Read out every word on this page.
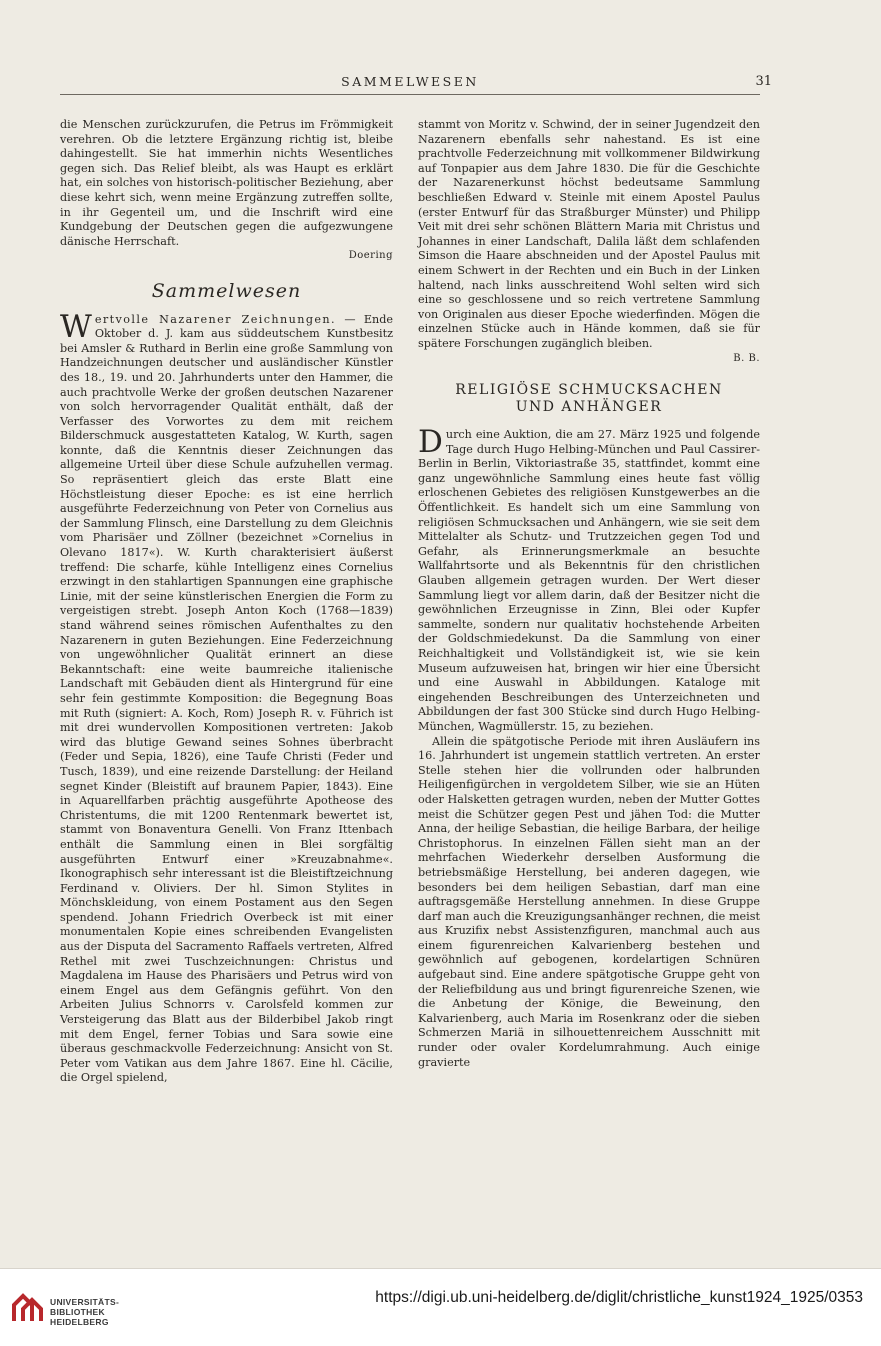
SAMMELWESEN	31

die Menschen zurückzurufen, die Petrus im Frömmigkeit verehren. Ob die letztere Ergänzung richtig ist, bleibe dahingestellt. Sie hat immerhin nichts Wesentliches gegen sich. Das Relief bleibt, als was Haupt es erklärt hat, ein solches von historisch-politischer Beziehung, aber diese kehrt sich, wenn meine Ergänzung zutreffen sollte, in ihr Gegenteil um, und die Inschrift wird eine Kundgebung der Deutschen gegen die aufgezwungene dänische Herrschaft.

Doering

Sammelwesen

Wertvolle Nazarener Zeichnungen. — Ende Oktober d. J. kam aus süddeutschem Kunstbesitz bei Amsler & Ruthard in Berlin eine große Sammlung von Handzeichnungen deutscher und ausländischer Künstler des 18., 19. und 20. Jahrhunderts unter den Hammer, die auch prachtvolle Werke der großen deutschen Nazarener von solch hervorragender Qualität enthält, daß der Verfasser des Vorwortes zu dem mit reichem Bilderschmuck ausgestatteten Katalog, W. Kurth, sagen konnte, daß die Kenntnis dieser Zeichnungen das allgemeine Urteil über diese Schule aufzuhellen vermag. So repräsentiert gleich das erste Blatt eine Höchstleistung dieser Epoche: es ist eine herrlich ausgeführte Federzeichnung von Peter von Cornelius aus der Sammlung Flinsch, eine Darstellung zu dem Gleichnis vom Pharisäer und Zöllner (bezeichnet »Cornelius in Olevano 1817«). W. Kurth charakterisiert äußerst treffend: Die scharfe, kühle Intelligenz eines Cornelius erzwingt in den stahlartigen Spannungen eine graphische Linie, mit der seine künstlerischen Energien die Form zu vergeistigen strebt. Joseph Anton Koch (1768—1839) stand während seines römischen Aufenthaltes zu den Nazarenern in guten Beziehungen. Eine Federzeichnung von ungewöhnlicher Qualität erinnert an diese Bekanntschaft: eine weite baumreiche italienische Landschaft mit Gebäuden dient als Hintergrund für eine sehr fein gestimmte Komposition: die Begegnung Boas mit Ruth (signiert: A. Koch, Rom) Joseph R. v. Führich ist mit drei wundervollen Kompositionen vertreten: Jakob wird das blutige Gewand seines Sohnes überbracht (Feder und Sepia, 1826), eine Taufe Christi (Feder und Tusch, 1839), und eine reizende Darstellung: der Heiland segnet Kinder (Bleistift auf braunem Papier, 1843). Eine in Aquarellfarben prächtig ausgeführte Apotheose des Christentums, die mit 1200 Rentenmark bewertet ist, stammt von Bonaventura Genelli. Von Franz Ittenbach enthält die Sammlung einen in Blei sorgfältig ausgeführten Entwurf einer »Kreuzabnahme«. Ikonographisch sehr interessant ist die Bleistiftzeichnung Ferdinand v. Oliviers. Der hl. Simon Stylites in Mönchskleidung, von einem Postament aus den Segen spendend. Johann Friedrich Overbeck ist mit einer monumentalen Kopie eines schreibenden Evangelisten aus der Disputa del Sacramento Raffaels vertreten, Alfred Rethel mit zwei Tuschzeichnungen: Christus und Magdalena im Hause des Pharisäers und Petrus wird von einem Engel aus dem Gefängnis geführt. Von den Arbeiten Julius Schnorrs v. Carolsfeld kommen zur Versteigerung das Blatt aus der Bilderbibel Jakob ringt mit dem Engel, ferner Tobias und Sara sowie eine überaus geschmackvolle Federzeichnung: Ansicht von St. Peter vom Vatikan aus dem Jahre 1867. Eine hl. Cäcilie, die Orgel spielend,

stammt von Moritz v. Schwind, der in seiner Jugendzeit den Nazarenern ebenfalls sehr nahestand. Es ist eine prachtvolle Federzeichnung mit vollkommener Bildwirkung auf Tonpapier aus dem Jahre 1830. Die für die Geschichte der Nazarenerkunst höchst bedeutsame Sammlung beschließen Edward v. Steinle mit einem Apostel Paulus (erster Entwurf für das Straßburger Münster) und Philipp Veit mit drei sehr schönen Blättern Maria mit Christus und Johannes in einer Landschaft, Dalila läßt dem schlafenden Simson die Haare abschneiden und der Apostel Paulus mit einem Schwert in der Rechten und ein Buch in der Linken haltend, nach links ausschreitend Wohl selten wird sich eine so geschlossene und so reich vertretene Sammlung von Originalen aus dieser Epoche wiederfinden. Mögen die einzelnen Stücke auch in Hände kommen, daß sie für spätere Forschungen zugänglich bleiben.

B. B.

RELIGIÖSE SCHMUCKSACHEN UND ANHÄNGER

Durch eine Auktion, die am 27. März 1925 und folgende Tage durch Hugo Helbing-München und Paul Cassirer-Berlin in Berlin, Viktoriastraße 35, stattfindet, kommt eine ganz ungewöhnliche Sammlung eines heute fast völlig erloschenen Gebietes des religiösen Kunstgewerbes an die Öffentlichkeit. Es handelt sich um eine Sammlung von religiösen Schmucksachen und Anhängern, wie sie seit dem Mittelalter als Schutz- und Trutzzeichen gegen Tod und Gefahr, als Erinnerungsmerkmale an besuchte Wallfahrtsorte und als Bekenntnis für den christlichen Glauben allgemein getragen wurden. Der Wert dieser Sammlung liegt vor allem darin, daß der Besitzer nicht die gewöhnlichen Erzeugnisse in Zinn, Blei oder Kupfer sammelte, sondern nur qualitativ hochstehende Arbeiten der Goldschmiedekunst. Da die Sammlung von einer Reichhaltigkeit und Vollständigkeit ist, wie sie kein Museum aufzuweisen hat, bringen wir hier eine Übersicht und eine Auswahl in Abbildungen. Kataloge mit eingehenden Beschreibungen des Unterzeichneten und Abbildungen der fast 300 Stücke sind durch Hugo Helbing-München, Wagmüllerstr. 15, zu beziehen.

Allein die spätgotische Periode mit ihren Ausläufern ins 16. Jahrhundert ist ungemein stattlich vertreten. An erster Stelle stehen hier die vollrunden oder halbrunden Heiligenfigürchen in vergoldetem Silber, wie sie an Hüten oder Halsketten getragen wurden, neben der Mutter Gottes meist die Schützer gegen Pest und jähen Tod: die Mutter Anna, der heilige Sebastian, die heilige Barbara, der heilige Christophorus. In einzelnen Fällen sieht man an der mehrfachen Wiederkehr derselben Ausformung die betriebsmäßige Herstellung, bei anderen dagegen, wie besonders bei dem heiligen Sebastian, darf man eine auftragsgemäße Herstellung annehmen. In diese Gruppe darf man auch die Kreuzigungsanhänger rechnen, die meist aus Kruzifix nebst Assistenzfiguren, manchmal auch aus einem figurenreichen Kalvarienberg bestehen und gewöhnlich auf gebogenen, kordelartigen Schnüren aufgebaut sind. Eine andere spätgotische Gruppe geht von der Reliefbildung aus und bringt figurenreiche Szenen, wie die Anbetung der Könige, die Beweinung, den Kalvarienberg, auch Maria im Rosenkranz oder die sieben Schmerzen Mariä in silhouettenreichem Ausschnitt mit runder oder ovaler Kordelumrahmung. Auch einige gravierte

UNIVERSITÄTS-
BIBLIOTHEK
HEIDELBERG
https://digi.ub.uni-heidelberg.de/diglit/christliche_kunst1924_1925/0353
